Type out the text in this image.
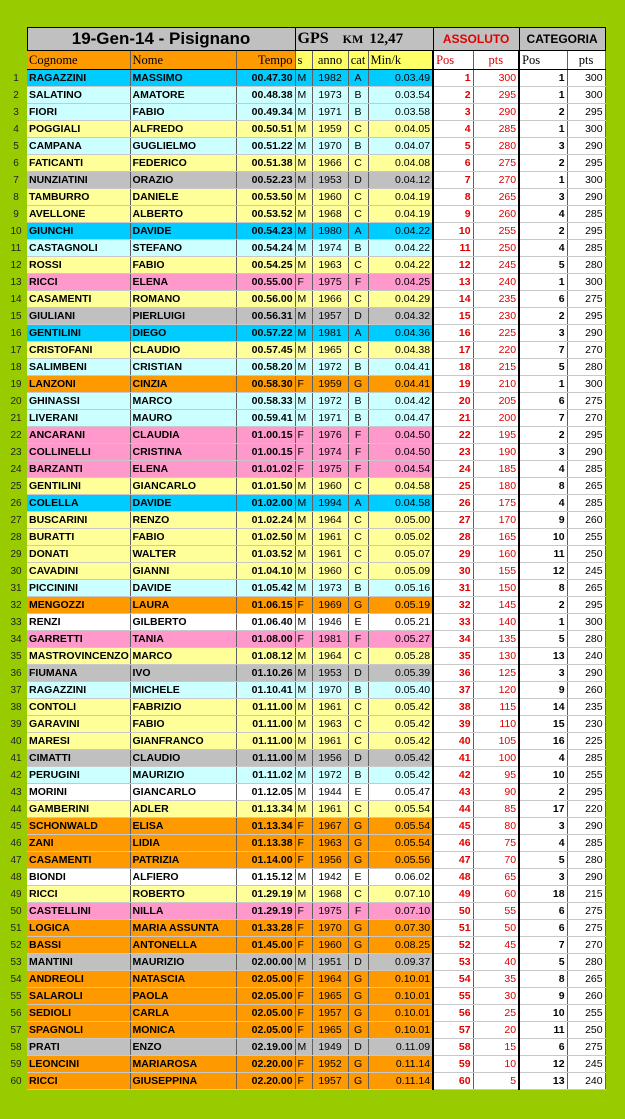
	19-Gen-14 - Pisignano			GPS KM 12,47				ASSOLUTO		CATEGORIA	
	Cognome	Nome	Tempo	s	anno	cat	Min/k	Pos	pts	Pos	pts
1	RAGAZZINI	MASSIMO	00.47.30	M	1982	A	0.03.49	1	300	1	300
2	SALATINO	AMATORE	00.48.38	M	1973	B	0.03.54	2	295	1	300
3	FIORI	FABIO	00.49.34	M	1971	B	0.03.58	3	290	2	295
4	POGGIALI	ALFREDO	00.50.51	M	1959	C	0.04.05	4	285	1	300
5	CAMPANA	GUGLIELMO	00.51.22	M	1970	B	0.04.07	5	280	3	290
6	FATICANTI	FEDERICO	00.51.38	M	1966	C	0.04.08	6	275	2	295
7	NUNZIATINI	ORAZIO	00.52.23	M	1953	D	0.04.12	7	270	1	300
8	TAMBURRO	DANIELE	00.53.50	M	1960	C	0.04.19	8	265	3	290
9	AVELLONE	ALBERTO	00.53.52	M	1968	C	0.04.19	9	260	4	285
10	GIUNCHI	DAVIDE	00.54.23	M	1980	A	0.04.22	10	255	2	295
11	CASTAGNOLI	STEFANO	00.54.24	M	1974	B	0.04.22	11	250	4	285
12	ROSSI	FABIO	00.54.25	M	1963	C	0.04.22	12	245	5	280
13	RICCI	ELENA	00.55.00	F	1975	F	0.04.25	13	240	1	300
14	CASAMENTI	ROMANO	00.56.00	M	1966	C	0.04.29	14	235	6	275
15	GIULIANI	PIERLUIGI	00.56.31	M	1957	D	0.04.32	15	230	2	295
16	GENTILINI	DIEGO	00.57.22	M	1981	A	0.04.36	16	225	3	290
17	CRISTOFANI	CLAUDIO	00.57.45	M	1965	C	0.04.38	17	220	7	270
18	SALIMBENI	CRISTIAN	00.58.20	M	1972	B	0.04.41	18	215	5	280
19	LANZONI	CINZIA	00.58.30	F	1959	G	0.04.41	19	210	1	300
20	GHINASSI	MARCO	00.58.33	M	1972	B	0.04.42	20	205	6	275
21	LIVERANI	MAURO	00.59.41	M	1971	B	0.04.47	21	200	7	270
22	ANCARANI	CLAUDIA	01.00.15	F	1976	F	0.04.50	22	195	2	295
23	COLLINELLI	CRISTINA	01.00.15	F	1974	F	0.04.50	23	190	3	290
24	BARZANTI	ELENA	01.01.02	F	1975	F	0.04.54	24	185	4	285
25	GENTILINI	GIANCARLO	01.01.50	M	1960	C	0.04.58	25	180	8	265
26	COLELLA	DAVIDE	01.02.00	M	1994	A	0.04.58	26	175	4	285
27	BUSCARINI	RENZO	01.02.24	M	1964	C	0.05.00	27	170	9	260
28	BURATTI	FABIO	01.02.50	M	1961	C	0.05.02	28	165	10	255
29	DONATI	WALTER	01.03.52	M	1961	C	0.05.07	29	160	11	250
30	CAVADINI	GIANNI	01.04.10	M	1960	C	0.05.09	30	155	12	245
31	PICCININI	DAVIDE	01.05.42	M	1973	B	0.05.16	31	150	8	265
32	MENGOZZI	LAURA	01.06.15	F	1969	G	0.05.19	32	145	2	295
33	RENZI	GILBERTO	01.06.40	M	1946	E	0.05.21	33	140	1	300
34	GARRETTI	TANIA	01.08.00	F	1981	F	0.05.27	34	135	5	280
35	MASTROVINCENZO	MARCO	01.08.12	M	1964	C	0.05.28	35	130	13	240
36	FIUMANA	IVO	01.10.26	M	1953	D	0.05.39	36	125	3	290
37	RAGAZZINI	MICHELE	01.10.41	M	1970	B	0.05.40	37	120	9	260
38	CONTOLI	FABRIZIO	01.11.00	M	1961	C	0.05.42	38	115	14	235
39	GARAVINI	FABIO	01.11.00	M	1963	C	0.05.42	39	110	15	230
40	MARESI	GIANFRANCO	01.11.00	M	1961	C	0.05.42	40	105	16	225
41	CIMATTI	CLAUDIO	01.11.00	M	1956	D	0.05.42	41	100	4	285
42	PERUGINI	MAURIZIO	01.11.02	M	1972	B	0.05.42	42	95	10	255
43	MORINI	GIANCARLO	01.12.05	M	1944	E	0.05.47	43	90	2	295
44	GAMBERINI	ADLER	01.13.34	M	1961	C	0.05.54	44	85	17	220
45	SCHONWALD	ELISA	01.13.34	F	1967	G	0.05.54	45	80	3	290
46	ZANI	LIDIA	01.13.38	F	1963	G	0.05.54	46	75	4	285
47	CASAMENTI	PATRIZIA	01.14.00	F	1956	G	0.05.56	47	70	5	280
48	BIONDI	ALFIERO	01.15.12	M	1942	E	0.06.02	48	65	3	290
49	RICCI	ROBERTO	01.29.19	M	1968	C	0.07.10	49	60	18	215
50	CASTELLINI	NILLA	01.29.19	F	1975	F	0.07.10	50	55	6	275
51	LOGICA	MARIA ASSUNTA	01.33.28	F	1970	G	0.07.30	51	50	6	275
52	BASSI	ANTONELLA	01.45.00	F	1960	G	0.08.25	52	45	7	270
53	MANTINI	MAURIZIO	02.00.00	M	1951	D	0.09.37	53	40	5	280
54	ANDREOLI	NATASCIA	02.05.00	F	1964	G	0.10.01	54	35	8	265
55	SALAROLI	PAOLA	02.05.00	F	1965	G	0.10.01	55	30	9	260
56	SEDIOLI	CARLA	02.05.00	F	1957	G	0.10.01	56	25	10	255
57	SPAGNOLI	MONICA	02.05.00	F	1965	G	0.10.01	57	20	11	250
58	PRATI	ENZO	02.19.00	M	1949	D	0.11.09	58	15	6	275
59	LEONCINI	MARIAROSA	02.20.00	F	1952	G	0.11.14	59	10	12	245
60	RICCI	GIUSEPPINA	02.20.00	F	1957	G	0.11.14	60	5	13	240
